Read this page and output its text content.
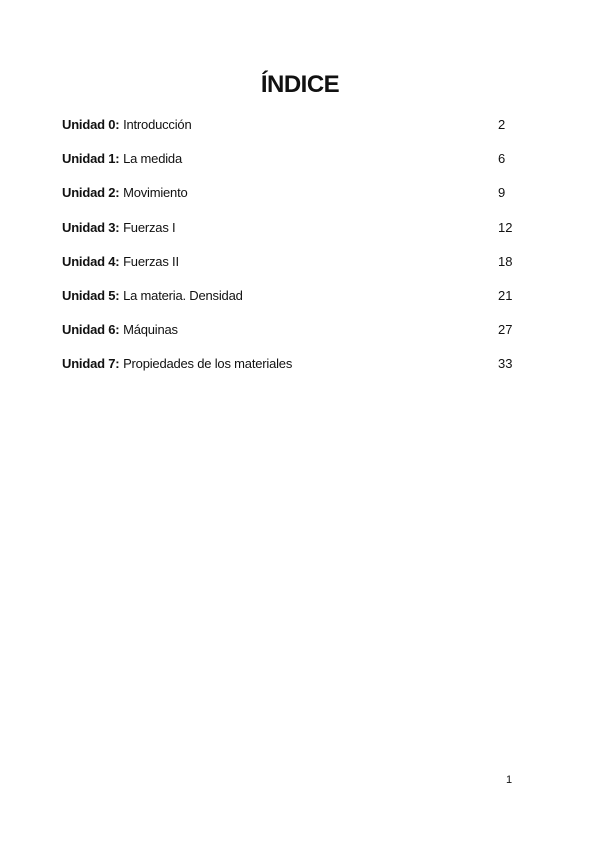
ÍNDICE
Unidad 0: Introducción	2
Unidad 1: La medida	6
Unidad 2: Movimiento	9
Unidad 3: Fuerzas I	12
Unidad 4: Fuerzas II	18
Unidad 5: La materia. Densidad	21
Unidad 6: Máquinas	27
Unidad 7: Propiedades de los materiales	33
1
